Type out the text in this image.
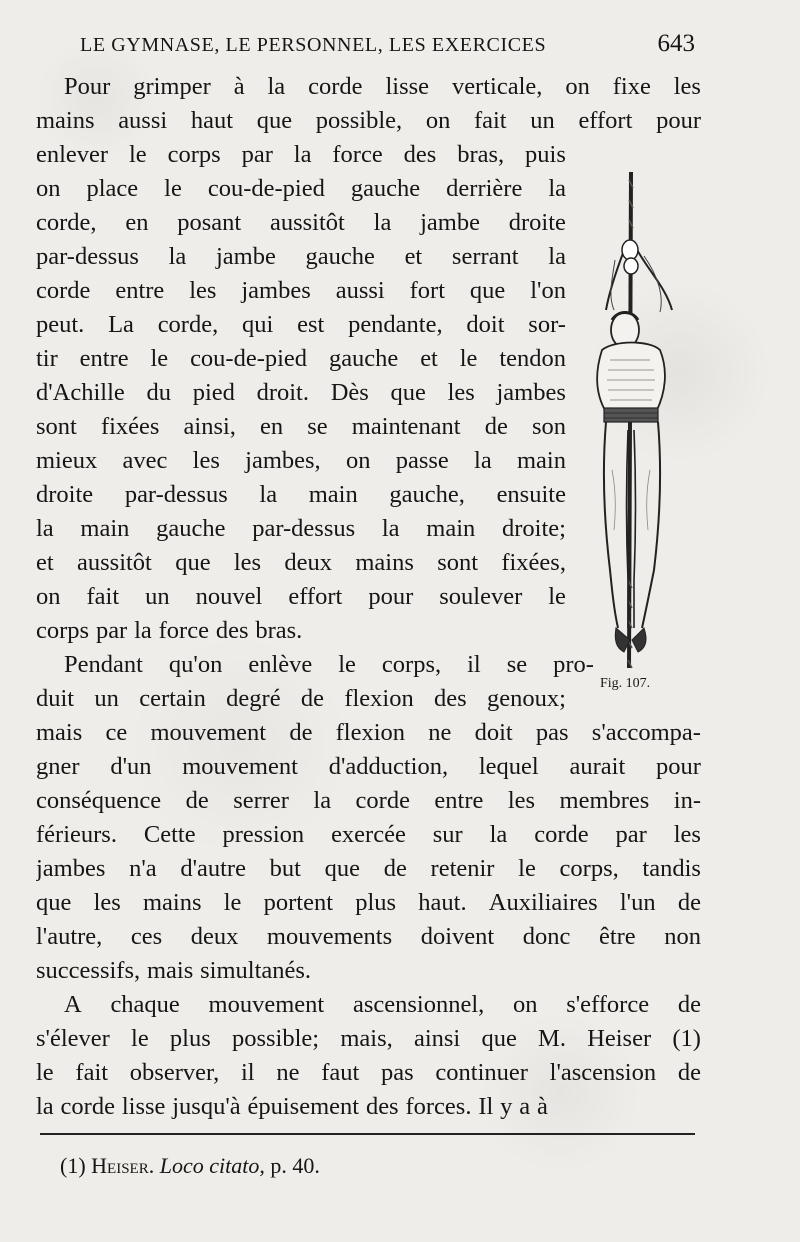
LE GYMNASE, LE PERSONNEL, LES EXERCICES	643
Pour grimper à la corde lisse verticale, on fixe les
mains aussi haut que possible, on fait un effort pour
enlever le corps par la force des bras, puis
on place le cou-de-pied gauche derrière la
corde, en posant aussitôt la jambe droite
par-dessus la jambe gauche et serrant la
corde entre les jambes aussi fort que l'on
peut. La corde, qui est pendante, doit sor-
tir entre le cou-de-pied gauche et le tendon
d'Achille du pied droit. Dès que les jambes
sont fixées ainsi, en se maintenant de son
mieux avec les jambes, on passe la main
droite par-dessus la main gauche, ensuite
la main gauche par-dessus la main droite;
et aussitôt que les deux mains sont fixées,
on fait un nouvel effort pour soulever le
corps par la force des bras.
Pendant qu'on enlève le corps, il se pro-
duit un certain degré de flexion des genoux;
mais ce mouvement de flexion ne doit pas s'accompa-
gner d'un mouvement d'adduction, lequel aurait pour
conséquence de serrer la corde entre les membres in-
férieurs. Cette pression exercée sur la corde par les
jambes n'a d'autre but que de retenir le corps, tandis
que les mains le portent plus haut. Auxiliaires l'un de
l'autre, ces deux mouvements doivent donc être non
successifs, mais simultanés.
A chaque mouvement ascensionnel, on s'efforce de
s'élever le plus possible; mais, ainsi que M. Heiser (1)
le fait observer, il ne faut pas continuer l'ascension de
la corde lisse jusqu'à épuisement des forces. Il y a à
Fig. 107.
(1) Heiser. Loco citato, p. 40.
